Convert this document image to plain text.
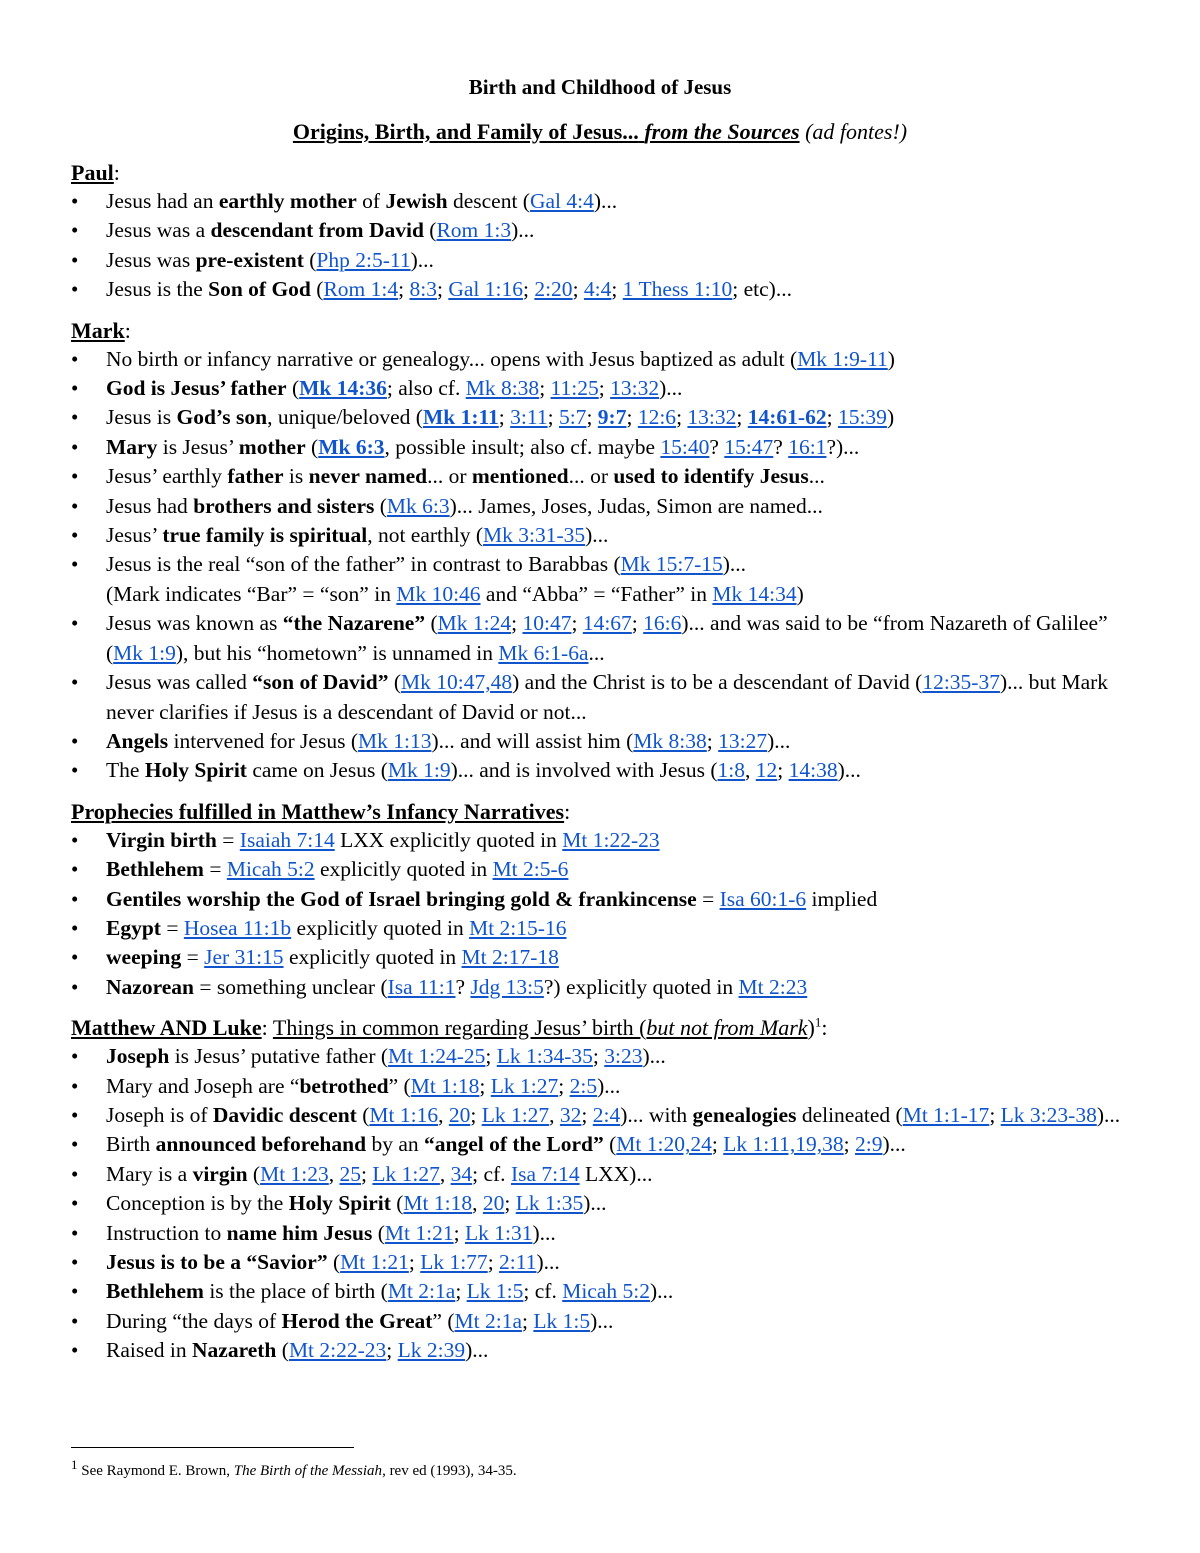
Birth and Childhood of Jesus
Origins, Birth, and Family of Jesus... from the Sources (ad fontes!)

Paul:

• Jesus had an earthly mother of Jewish descent (Gal 4:4)...
• Jesus was a descendant from David (Rom 1:3)...
• Jesus was pre-existent (Php 2:5-11)...
• Jesus is the Son of God (Rom 1:4; 8:3; Gal 1:16; 2:20; 4:4; 1 Thess 1:10; etc)...

Mark:

• No birth or infancy narrative or genealogy... opens with Jesus baptized as adult (Mk 1:9-11)
• God is Jesus’ father (Mk 14:36; also cf. Mk 8:38; 11:25; 13:32)...
• Jesus is God’s son, unique/beloved (Mk 1:11; 3:11; 5:7; 9:7; 12:6; 13:32; 14:61-62; 15:39)
• Mary is Jesus’ mother (Mk 6:3, possible insult; also cf. maybe 15:40? 15:47? 16:1?)...
• Jesus’ earthly father is never named... or mentioned... or used to identify Jesus...
• Jesus had brothers and sisters (Mk 6:3)... James, Joses, Judas, Simon are named...
• Jesus’ true family is spiritual, not earthly (Mk 3:31-35)...
• Jesus is the real “son of the father” in contrast to Barabbas (Mk 15:7-15)...
(Mark indicates “Bar” = “son” in Mk 10:46 and “Abba” = “Father” in Mk 14:34)
• Jesus was known as “the Nazarene” (Mk 1:24; 10:47; 14:67; 16:6)... and was said to be “from Nazareth of Galilee” (Mk 1:9), but his “hometown” is unnamed in Mk 6:1-6a...
• Jesus was called “son of David” (Mk 10:47,48) and the Christ is to be a descendant of David (12:35-37)... but Mark never clarifies if Jesus is a descendant of David or not...
• Angels intervened for Jesus (Mk 1:13)... and will assist him (Mk 8:38; 13:27)...
• The Holy Spirit came on Jesus (Mk 1:9)... and is involved with Jesus (1:8, 12; 14:38)...

Prophecies fulfilled in Matthew’s Infancy Narratives:

• Virgin birth = Isaiah 7:14 LXX explicitly quoted in Mt 1:22-23
• Bethlehem = Micah 5:2 explicitly quoted in Mt 2:5-6
• Gentiles worship the God of Israel bringing gold & frankincense = Isa 60:1-6 implied
• Egypt = Hosea 11:1b explicitly quoted in Mt 2:15-16
• weeping = Jer 31:15 explicitly quoted in Mt 2:17-18
• Nazorean = something unclear (Isa 11:1? Jdg 13:5?) explicitly quoted in Mt 2:23

Matthew AND Luke: Things in common regarding Jesus’ birth (but not from Mark)$^1$:

• Joseph is Jesus’ putative father (Mt 1:24-25; Lk 1:34-35; 3:23)...
• Mary and Joseph are “betrothed” (Mt 1:18; Lk 1:27; 2:5)...
• Joseph is of Davidic descent (Mt 1:16, 20; Lk 1:27, 32; 2:4)... with genealogies delineated (Mt 1:1-17; Lk 3:23-38)...
• Birth announced beforehand by an “angel of the Lord” (Mt 1:20,24; Lk 1:11,19,38; 2:9)...
• Mary is a virgin (Mt 1:23, 25; Lk 1:27, 34; cf. Isa 7:14 LXX)...
• Conception is by the Holy Spirit (Mt 1:18, 20; Lk 1:35)...
• Instruction to name him Jesus (Mt 1:21; Lk 1:31)...
• Jesus is to be a “Savior” (Mt 1:21; Lk 1:77; 2:11)...
• Bethlehem is the place of birth (Mt 2:1a; Lk 1:5; cf. Micah 5:2)...
• During “the days of Herod the Great” (Mt 2:1a; Lk 1:5)...
• Raised in Nazareth (Mt 2:22-23; Lk 2:39)...
$^1$ See Raymond E. Brown, The Birth of the Messiah, rev ed (1993), 34-35.
